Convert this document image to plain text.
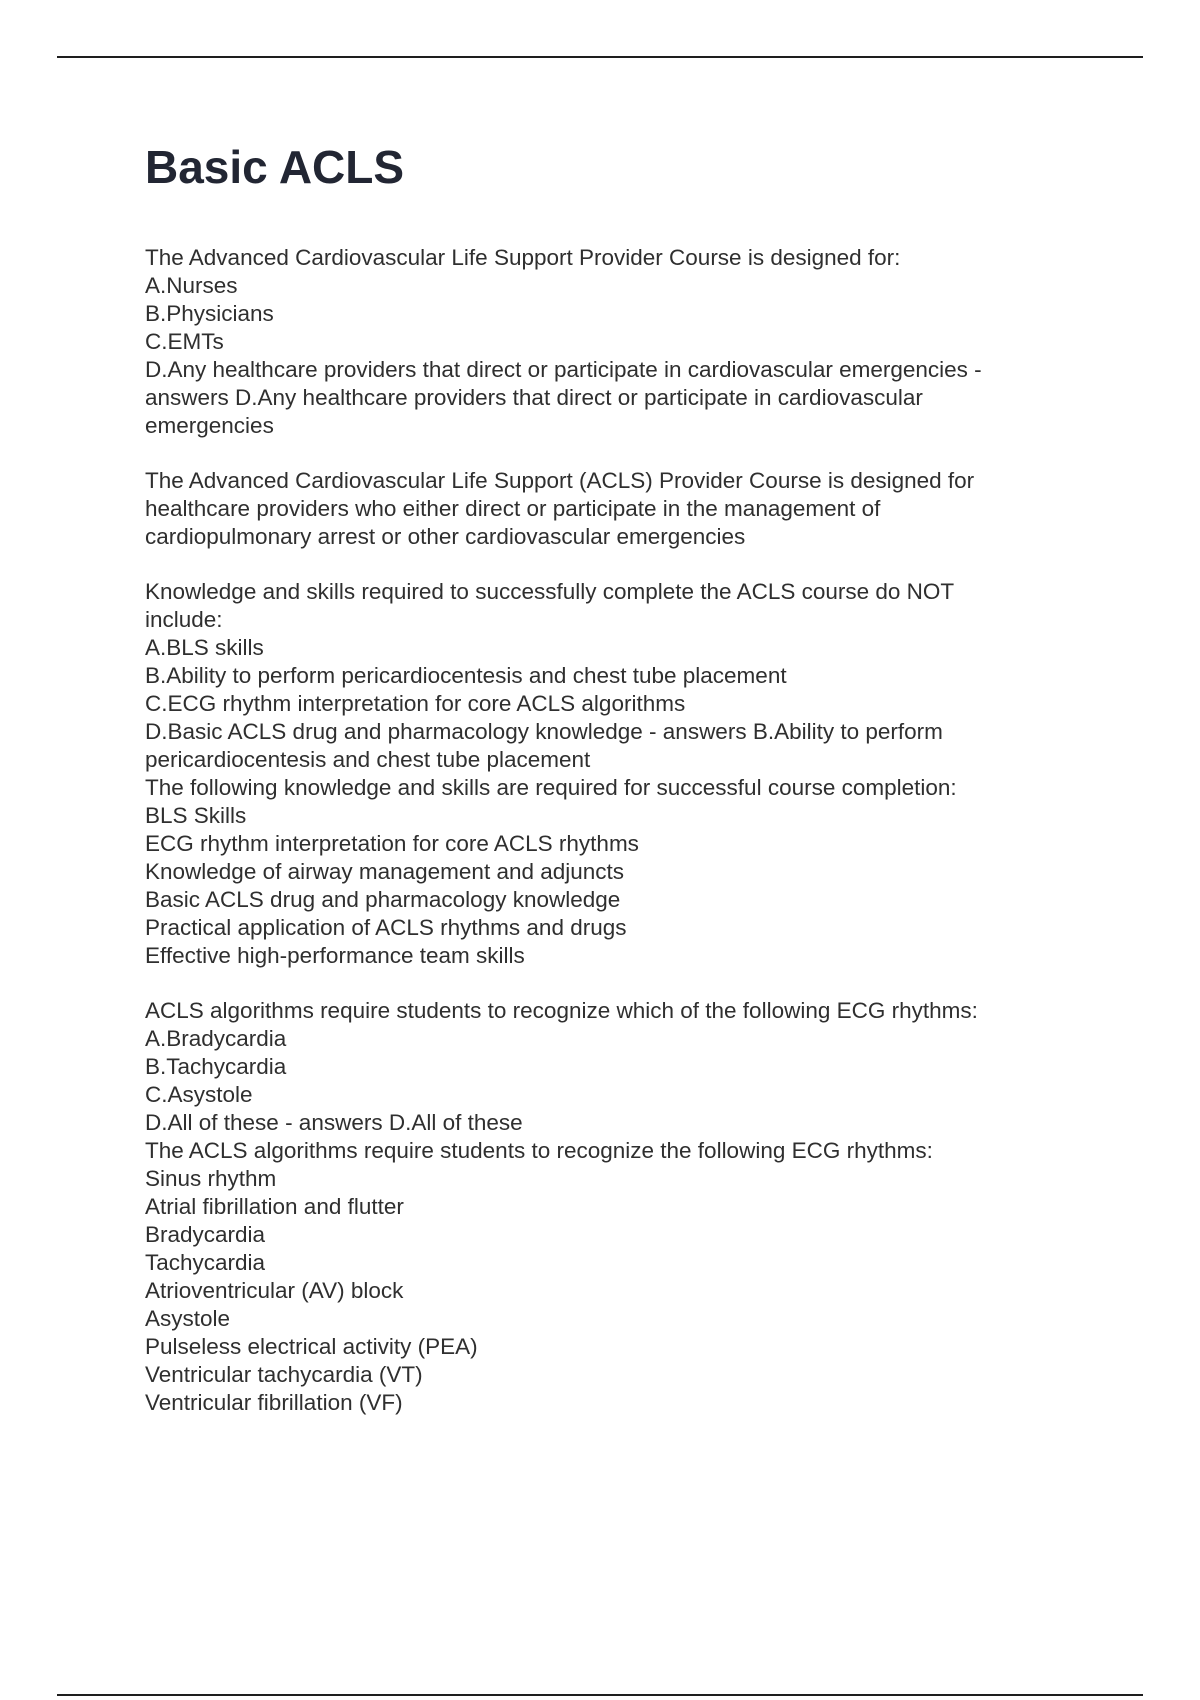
Basic ACLS
The Advanced Cardiovascular Life Support Provider Course is designed for:
A.Nurses
B.Physicians
C.EMTs
D.Any healthcare providers that direct or participate in cardiovascular emergencies -
answers D.Any healthcare providers that direct or participate in cardiovascular
emergencies
The Advanced Cardiovascular Life Support (ACLS) Provider Course is designed for
healthcare providers who either direct or participate in the management of
cardiopulmonary arrest or other cardiovascular emergencies
Knowledge and skills required to successfully complete the ACLS course do NOT
include:
A.BLS skills
B.Ability to perform pericardiocentesis and chest tube placement
C.ECG rhythm interpretation for core ACLS algorithms
D.Basic ACLS drug and pharmacology knowledge - answers B.Ability to perform
pericardiocentesis and chest tube placement
The following knowledge and skills are required for successful course completion:
BLS Skills
ECG rhythm interpretation for core ACLS rhythms
Knowledge of airway management and adjuncts
Basic ACLS drug and pharmacology knowledge
Practical application of ACLS rhythms and drugs
Effective high-performance team skills
ACLS algorithms require students to recognize which of the following ECG rhythms:
A.Bradycardia
B.Tachycardia
C.Asystole
D.All of these - answers D.All of these
The ACLS algorithms require students to recognize the following ECG rhythms:
Sinus rhythm
Atrial fibrillation and flutter
Bradycardia
Tachycardia
Atrioventricular (AV) block
Asystole
Pulseless electrical activity (PEA)
Ventricular tachycardia (VT)
Ventricular fibrillation (VF)
